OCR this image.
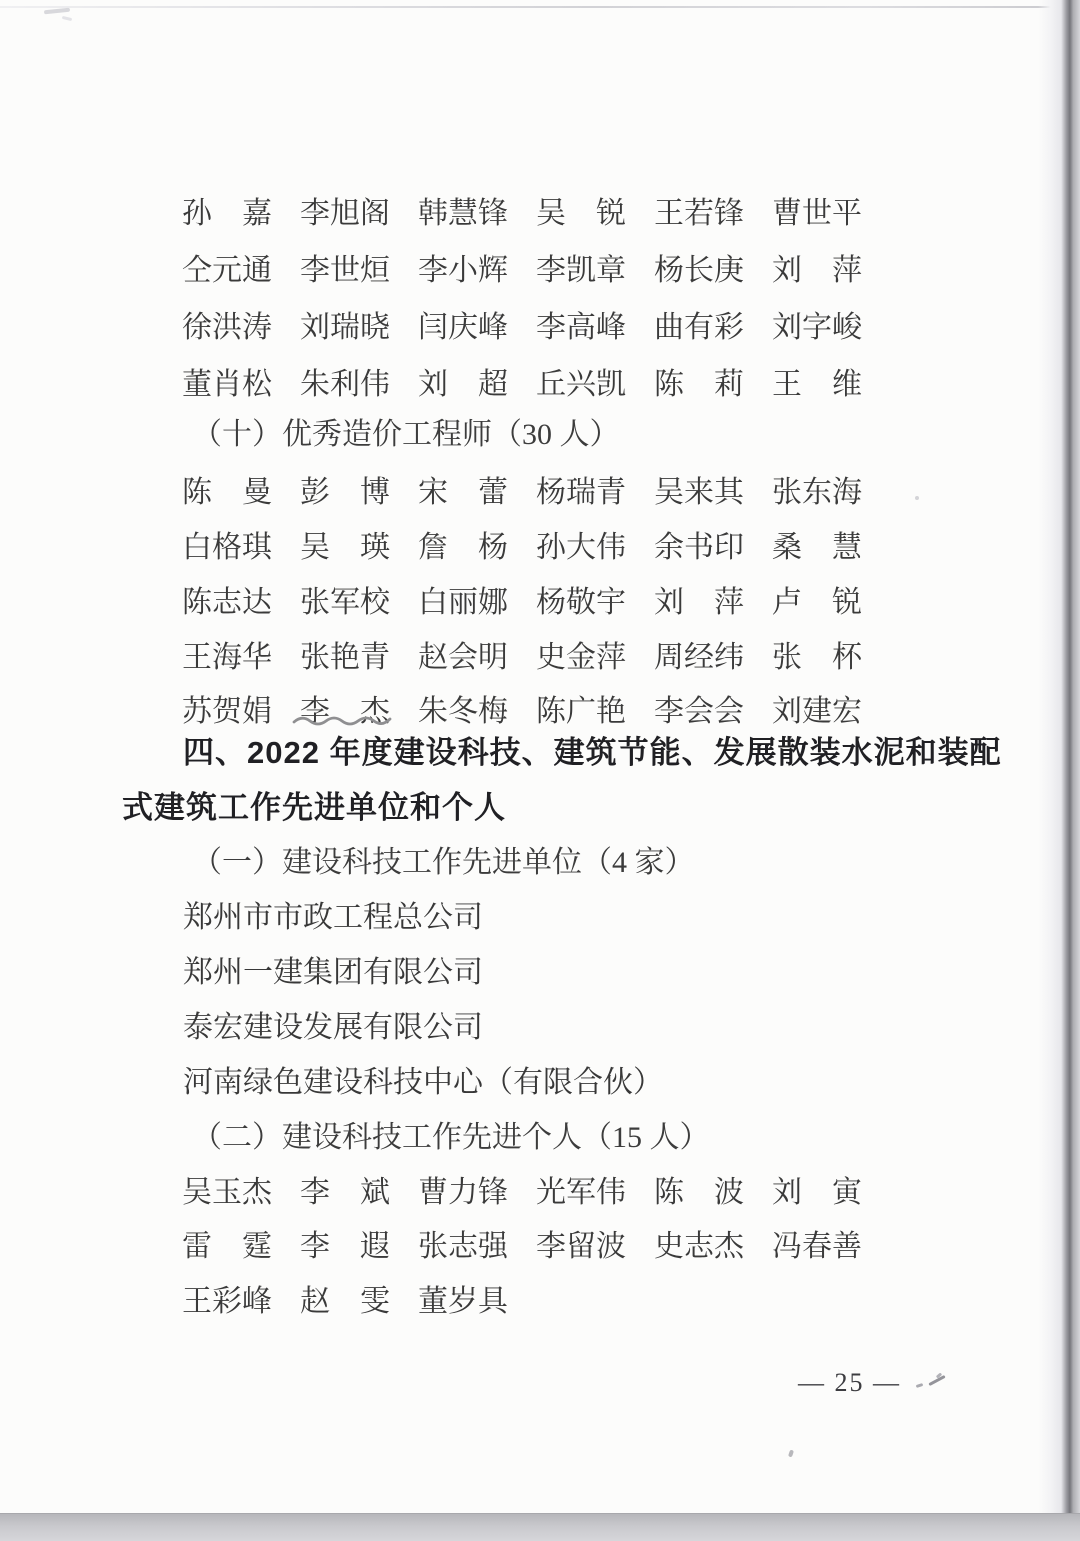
孙　嘉 李旭阁 韩慧锋 吴　锐 王若锋 曹世平
仝元通 李世烜 李小辉 李凯章 杨长庚 刘　萍
徐洪涛 刘瑞晓 闫庆峰 李高峰 曲有彩 刘字峻
董肖松 朱利伟 刘　超 丘兴凯 陈　莉 王　维
（十）优秀造价工程师（30 人）
陈　曼 彭　博 宋　蕾 杨瑞青 吴来其 张东海
白格琪 吴　瑛 詹　杨 孙大伟 余书印 桑　慧
陈志达 张军校 白丽娜 杨敬宇 刘　萍 卢　锐
王海华 张艳青 赵会明 史金萍 周经纬 张　杯
苏贺娟 李　杰 朱冬梅 陈广艳 李会会 刘建宏
四、2022 年度建设科技、建筑节能、发展散装水泥和装配
式建筑工作先进单位和个人
（一）建设科技工作先进单位（4 家）
郑州市市政工程总公司
郑州一建集团有限公司
泰宏建设发展有限公司
河南绿色建设科技中心（有限合伙）
（二）建设科技工作先进个人（15 人）
吴玉杰 李　斌 曹力锋 光军伟 陈　波 刘　寅
雷　霆 李　遐 张志强 李留波 史志杰 冯春善
王彩峰 赵　雯 董岁具
— 25 —
